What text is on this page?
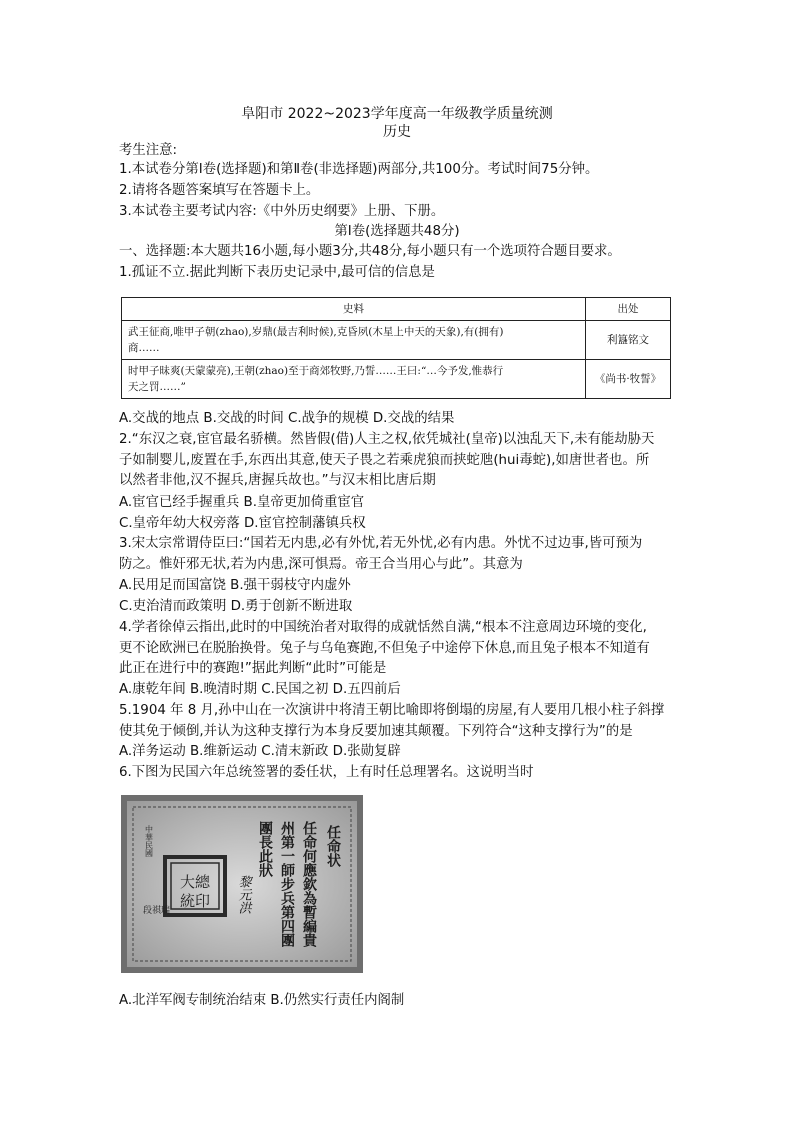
阜阳市 2022~2023学年度高一年级教学质量统测
历史
考生注意:
1.本试卷分第Ⅰ卷(选择题)和第Ⅱ卷(非选择题)两部分,共100分。考试时间75分钟。
2.请将各题答案填写在答题卡上。
3.本试卷主要考试内容:《中外历史纲要》上册、下册。
第Ⅰ卷(选择题共48分)
一、选择题:本大题共16小题,每小题3分,共48分,每小题只有一个选项符合题目要求。
1.孤证不立.据此判断下表历史记录中,最可信的信息是
史料	出处

武王征商,唯甲子朝(zhao),岁鼎(最吉利时候),克昏夙(木星上中天的天象),有(拥有)
商……	利簋铭文

时甲子昧爽(天蒙蒙亮),王朝(zhao)至于商郊牧野,乃誓……王曰:“…今予发,惟恭行
天之罚……”	《尚书·牧誓》
A.交战的地点 B.交战的时间 C.战争的规模 D.交战的结果
2.“东汉之衰,宦官最名骄横。然皆假(借)人主之权,依凭城社(皇帝)以浊乱天下,未有能劫胁天
子如制婴儿,废置在手,东西出其意,使天子畏之若乘虎狼而挟蛇虺(hui毒蛇),如唐世者也。所
以然者非他,汉不握兵,唐握兵故也。”与汉末相比唐后期
A.宦官已经手握重兵 B.皇帝更加倚重宦官
C.皇帝年幼大权旁落 D.宦官控制藩镇兵权
3.宋太宗常谓侍臣曰:“国若无内患,必有外忧,若无外忧,必有内患。外忧不过边事,皆可预为
防之。惟奸邪无状,若为内患,深可惧焉。帝王合当用心与此”。其意为
A.民用足而国富饶 B.强干弱枝守内虚外
C.吏治清而政策明 D.勇于创新不断进取
4.学者徐倬云指出,此时的中国统治者对取得的成就恬然自满,“根本不注意周边环境的变化,
更不论欧洲已在脱胎换骨。兔子与乌龟赛跑,不但兔子中途停下休息,而且兔子根本不知道有
此正在进行中的赛跑!”据此判断“此时”可能是
A.康乾年间 B.晚清时期 C.民国之初 D.五四前后
5.1904 年 8 月,孙中山在一次演讲中将清王朝比喻即将倒塌的房屋,有人要用几根小柱子斜撑
使其免于倾倒,并认为这种支撑行为本身反要加速其颠覆。下列符合“这种支撑行为”的是
A.洋务运动 B.维新运动 C.清末新政 D.张勋复辟
6.下图为民国六年总统签署的委任状，上有时任总理署名。这说明当时
大總
統印
任命状
任命何應欽為暫編貴
州第一師步兵第四團
團長此狀
黎元洪
中華民國
段祺瑞
A.北洋军阀专制统治结束 B.仍然实行责任内阁制
